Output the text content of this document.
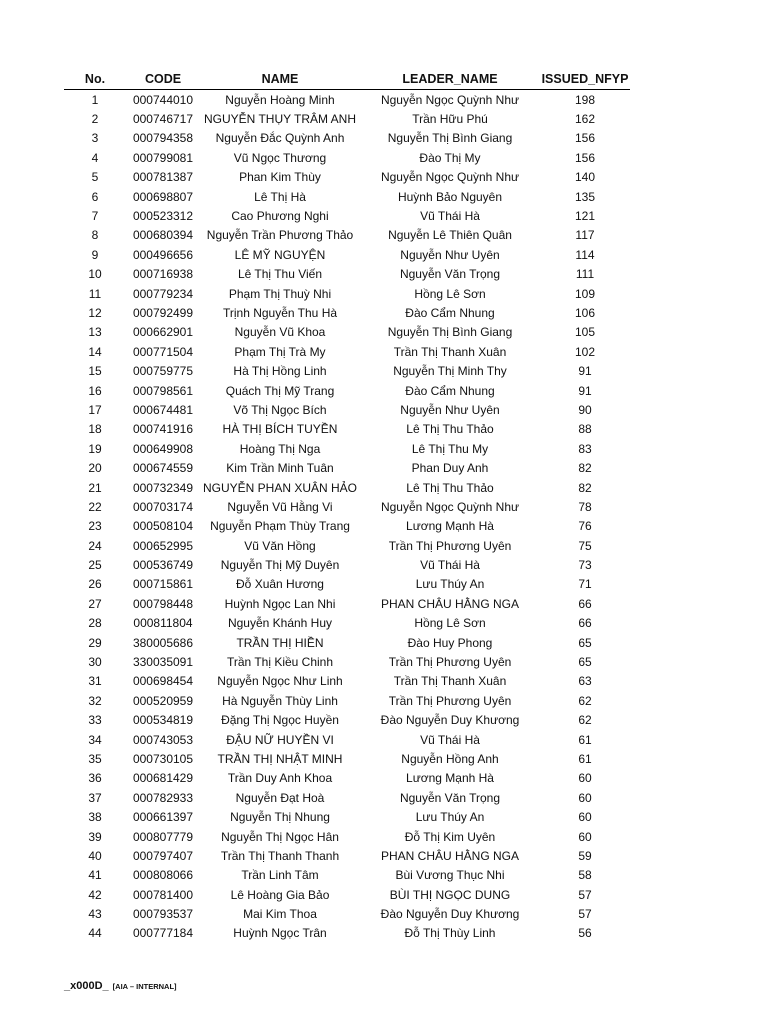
No.	CODE	NAME	LEADER_NAME	ISSUED_NFYP
1	000744010	Nguyễn Hoàng Minh	Nguyễn Ngọc Quỳnh Như	198
2	000746717	NGUYỄN THỤY TRÂM ANH	Trần Hữu Phú	162
3	000794358	Nguyễn Đắc Quỳnh Anh	Nguyễn Thị Bình Giang	156
4	000799081	Vũ Ngọc Thương	Đào Thị My	156
5	000781387	Phan Kim Thùy	Nguyễn Ngọc Quỳnh Như	140
6	000698807	Lê Thị Hà	Huỳnh Bảo Nguyên	135
7	000523312	Cao Phương Nghi	Vũ Thái Hà	121
8	000680394	Nguyễn Trần Phương Thảo	Nguyễn Lê Thiên Quân	117
9	000496656	LÊ MỸ NGUYỆN	Nguyễn Như Uyên	114
10	000716938	Lê Thị Thu Viến	Nguyễn Văn Trọng	111
11	000779234	Phạm Thị Thuỳ Nhi	Hồng Lê Sơn	109
12	000792499	Trịnh Nguyễn Thu Hà	Đào Cẩm Nhung	106
13	000662901	Nguyễn Vũ Khoa	Nguyễn Thị Bình Giang	105
14	000771504	Phạm Thị Trà My	Trần Thị Thanh Xuân	102
15	000759775	Hà Thị Hồng Linh	Nguyễn Thị Minh Thy	91
16	000798561	Quách Thị Mỹ Trang	Đào Cẩm Nhung	91
17	000674481	Võ Thị Ngọc Bích	Nguyễn Như Uyên	90
18	000741916	HÀ THỊ BÍCH TUYỀN	Lê Thị Thu Thảo	88
19	000649908	Hoàng Thị Nga	Lê Thị Thu My	83
20	000674559	Kim Trần Minh Tuân	Phan Duy Anh	82
21	000732349	NGUYỄN PHAN XUÂN HẢO	Lê Thị Thu Thảo	82
22	000703174	Nguyễn Vũ Hằng Vi	Nguyễn Ngọc Quỳnh Như	78
23	000508104	Nguyễn Phạm Thùy Trang	Lương Mạnh Hà	76
24	000652995	Vũ Văn Hồng	Trần Thị Phương Uyên	75
25	000536749	Nguyễn Thị Mỹ Duyên	Vũ Thái Hà	73
26	000715861	Đỗ Xuân Hương	Lưu Thúy An	71
27	000798448	Huỳnh Ngọc Lan Nhi	PHAN CHÂU HẰNG NGA	66
28	000811804	Nguyễn Khánh Huy	Hồng Lê Sơn	66
29	380005686	TRẦN THỊ HIỀN	Đào Huy Phong	65
30	330035091	Trần Thị Kiều Chinh	Trần Thị Phương Uyên	65
31	000698454	Nguyễn Ngọc Như Linh	Trần Thị Thanh Xuân	63
32	000520959	Hà Nguyễn Thùy Linh	Trần Thị Phương Uyên	62
33	000534819	Đặng Thị Ngọc Huyền	Đào Nguyễn Duy Khương	62
34	000743053	ĐẬU NỮ HUYỀN VI	Vũ Thái Hà	61
35	000730105	TRẦN THỊ NHẬT MINH	Nguyễn Hồng Anh	61
36	000681429	Trần Duy Anh Khoa	Lương Mạnh Hà	60
37	000782933	Nguyễn Đạt Hoà	Nguyễn Văn Trọng	60
38	000661397	Nguyễn Thị Nhung	Lưu Thúy An	60
39	000807779	Nguyễn Thị Ngọc Hân	Đỗ Thị Kim Uyên	60
40	000797407	Trần Thị Thanh Thanh	PHAN CHÂU HẰNG NGA	59
41	000808066	Trần Linh Tâm	Bùi Vương Thục Nhi	58
42	000781400	Lê Hoàng Gia Bảo	BÙI THỊ NGỌC DUNG	57
43	000793537	Mai Kim Thoa	Đào Nguyễn Duy Khương	57
44	000777184	Huỳnh Ngọc Trân	Đỗ Thị Thùy Linh	56
_x000D_ [AIA – INTERNAL]
